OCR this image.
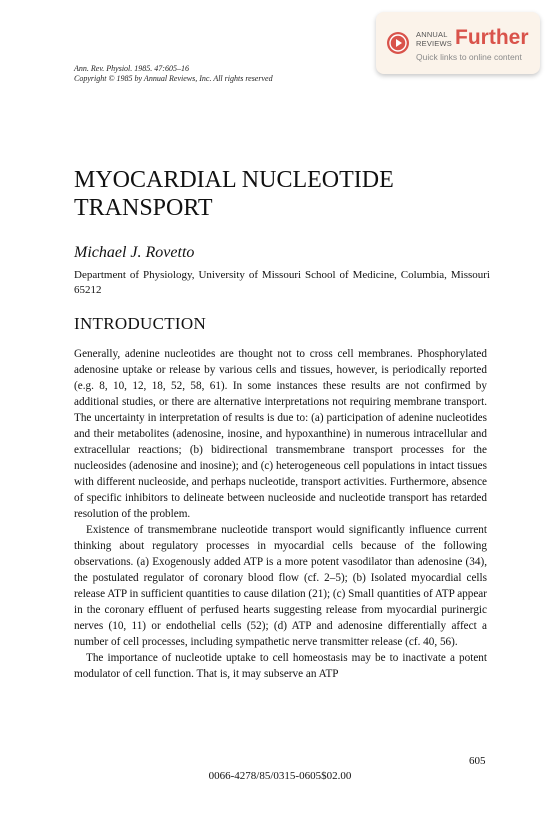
ANNUAL
REVIEWS Further
Quick links to online content
Ann. Rev. Physiol. 1985. 47:605–16
Copyright © 1985 by Annual Reviews, Inc. All rights reserved
MYOCARDIAL NUCLEOTIDE
TRANSPORT
Michael J. Rovetto
Department of Physiology, University of Missouri School of Medicine, Columbia, Missouri 65212
INTRODUCTION

Generally, adenine nucleotides are thought not to cross cell membranes. Phosphorylated adenosine uptake or release by various cells and tissues, however, is periodically reported (e.g. 8, 10, 12, 18, 52, 58, 61). In some instances these results are not confirmed by additional studies, or there are alternative interpretations not requiring membrane transport. The uncertainty in interpretation of results is due to: (a) participation of adenine nucleotides and their metabolites (adenosine, inosine, and hypoxanthine) in numerous intracellular and extracellular reactions; (b) bidirectional transmembrane transport processes for the nucleosides (adenosine and inosine); and (c) heterogeneous cell populations in intact tissues with different nucleoside, and perhaps nucleotide, transport activities. Furthermore, absence of specific inhibitors to delineate between nucleoside and nucleotide transport has retarded resolution of the problem.

Existence of transmembrane nucleotide transport would significantly influence current thinking about regulatory processes in myocardial cells because of the following observations. (a) Exogenously added ATP is a more potent vasodilator than adenosine (34), the postulated regulator of coronary blood flow (cf. 2–5); (b) Isolated myocardial cells release ATP in sufficient quantities to cause dilation (21); (c) Small quantities of ATP appear in the coronary effluent of perfused hearts suggesting release from myocardial purinergic nerves (10, 11) or endothelial cells (52); (d) ATP and adenosine differentially affect a number of cell processes, including sympathetic nerve transmitter release (cf. 40, 56).

The importance of nucleotide uptake to cell homeostasis may be to inactivate a potent modulator of cell function. That is, it may subserve an ATP

605
0066-4278/85/0315-0605$02.00
